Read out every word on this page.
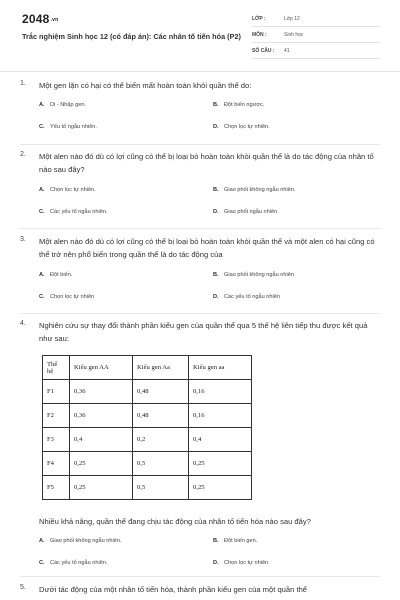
2048.vn
Trắc nghiệm Sinh học 12 (có đáp án): Các nhân tố tiến hóa (P2)
LỚP :	Lớp 12
MÔN :	Sinh học
SỐ CÂU : 41
1. Một gen lặn có hại có thể biến mất hoàn toàn khỏi quần thể do:
A. Di - Nhập gen.	B. Đột biến ngược.
C. Yếu tố ngẫu nhiên.	D. Chọn lọc tự nhiên.
2. Một alen nào đó dù có lợi cũng có thể bị loại bỏ hoàn toàn khỏi quần thể là do tác động của nhân tố nào sau đây?
A. Chọn lọc tự nhiên.	B. Giao phối không ngẫu nhiên.
C. Các yếu tố ngẫu nhiên.	D. Giao phối ngẫu nhiên.
3. Một alen nào đó dù có lợi cũng có thể bị loại bỏ hoàn toàn khỏi quần thể và một alen có hại cũng có thể trở nên phổ biến trong quần thể là do tác động của
A. Đột biến.	B. Giao phối không ngẫu nhiên
C. Chọn lọc tự nhiên	D. Các yếu tố ngẫu nhiên
4. Nghiên cứu sự thay đổi thành phần kiểu gen của quần thể qua 5 thế hệ liên tiếp thu được kết quả như sau:
Thế hệ	Kiểu gen AA	Kiểu gen Aa	Kiểu gen aa
F1	0,36	0,48	0,16
F2	0,36	0,48	0,16
F3	0,4	0,2	0,4
F4	0,25	0,5	0,25
F5	0,25	0,5	0,25
Nhiều khả năng, quần thể đang chịu tác động của nhân tố tiến hóa nào sau đây?
A. Giao phối không ngẫu nhiên.	B. Đột biến gen.
C. Các yếu tố ngẫu nhiên.	D. Chọn lọc tự nhiên.
5. Dưới tác động của một nhân tố tiến hóa, thành phần kiểu gen của một quần thể
